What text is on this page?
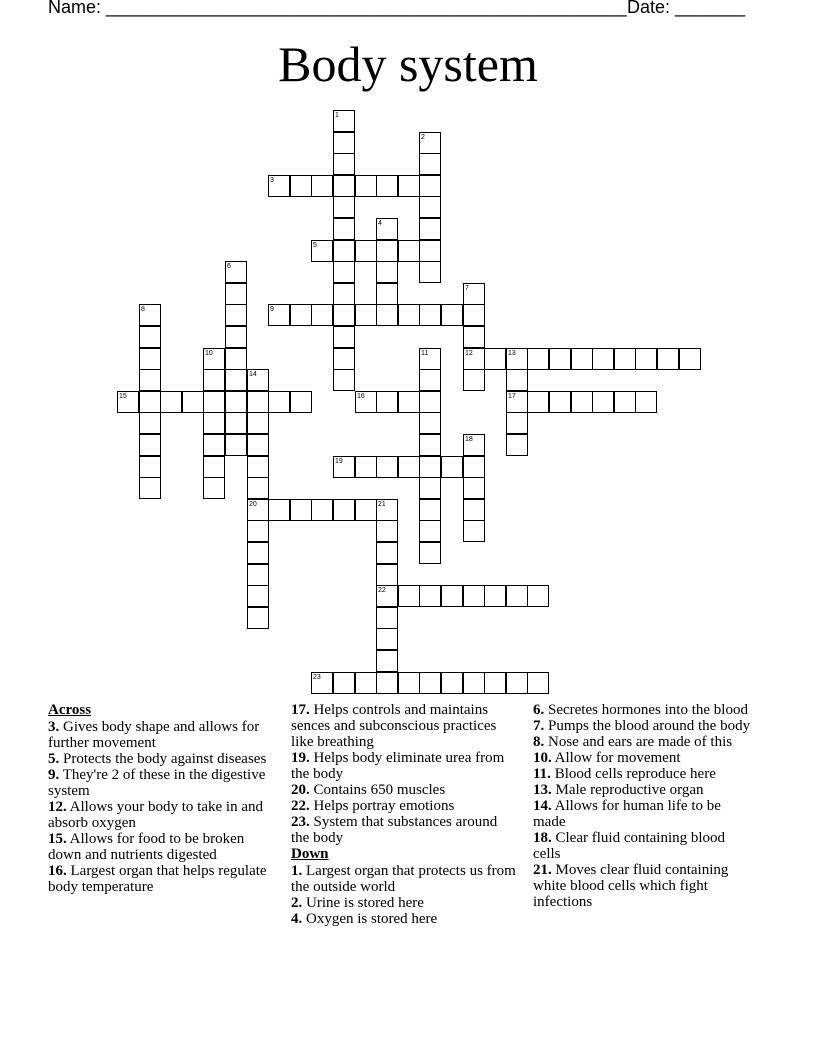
Name: ____________________________________________________ Date: _______
Body system
1
2
3
4
5
6
7
12
8	9
10	11	13
17
14
20
15	16
18
19
21
22
23
Across
3. Gives body shape and allows for further movement
5. Protects the body against diseases
9. They're 2 of these in the digestive system
12. Allows your body to take in and absorb oxygen
15. Allows for food to be broken down and nutrients digested
16. Largest organ that helps regulate body temperature
17. Helps controls and maintains sences and subconscious practices like breathing
19. Helps body eliminate urea from the body
20. Contains 650 muscles
22. Helps portray emotions
23. System that substances around the body
Down
1. Largest organ that protects us from the outside world
2. Urine is stored here
4. Oxygen is stored here
6. Secretes hormones into the blood
7. Pumps the blood around the body
8. Nose and ears are made of this
10. Allow for movement
11. Blood cells reproduce here
13. Male reproductive organ
14. Allows for human life to be made
18. Clear fluid containing blood cells
21. Moves clear fluid containing white blood cells which fight infections
